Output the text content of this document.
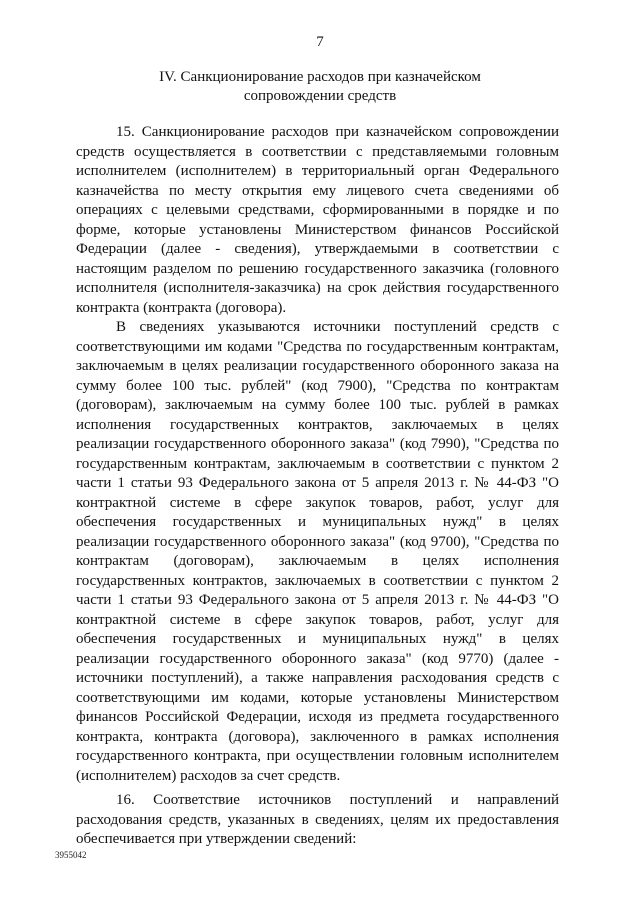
7
IV. Санкционирование расходов при казначейском
сопровождении средств

15. Санкционирование расходов при казначейском сопровождении средств осуществляется в соответствии с представляемыми головным исполнителем (исполнителем) в территориальный орган Федерального казначейства по месту открытия ему лицевого счета сведениями об операциях с целевыми средствами, сформированными в порядке и по форме, которые установлены Министерством финансов Российской Федерации (далее - сведения), утверждаемыми в соответствии с настоящим разделом по решению государственного заказчика (головного исполнителя (исполнителя-заказчика) на срок действия государственного контракта (контракта (договора).

В сведениях указываются источники поступлений средств с соответствующими им кодами "Средства по государственным контрактам, заключаемым в целях реализации государственного оборонного заказа на сумму более 100 тыс. рублей" (код 7900), "Средства по контрактам (договорам), заключаемым на сумму более 100 тыс. рублей в рамках исполнения государственных контрактов, заключаемых в целях реализации государственного оборонного заказа" (код 7990), "Средства по государственным контрактам, заключаемым в соответствии с пунктом 2 части 1 статьи 93 Федерального закона от 5 апреля 2013 г. № 44-ФЗ "О контрактной системе в сфере закупок товаров, работ, услуг для обеспечения государственных и муниципальных нужд" в целях реализации государственного оборонного заказа" (код 9700), "Средства по контрактам (договорам), заключаемым в целях исполнения государственных контрактов, заключаемых в соответствии с пунктом 2 части 1 статьи 93 Федерального закона от 5 апреля 2013 г. № 44-ФЗ "О контрактной системе в сфере закупок товаров, работ, услуг для обеспечения государственных и муниципальных нужд" в целях реализации государственного оборонного заказа" (код 9770) (далее - источники поступлений), а также направления расходования средств с соответствующими им кодами, которые установлены Министерством финансов Российской Федерации, исходя из предмета государственного контракта, контракта (договора), заключенного в рамках исполнения государственного контракта, при осуществлении головным исполнителем (исполнителем) расходов за счет средств.

16. Соответствие источников поступлений и направлений расходования средств, указанных в сведениях, целям их предоставления обеспечивается при утверждении сведений:

3955042
